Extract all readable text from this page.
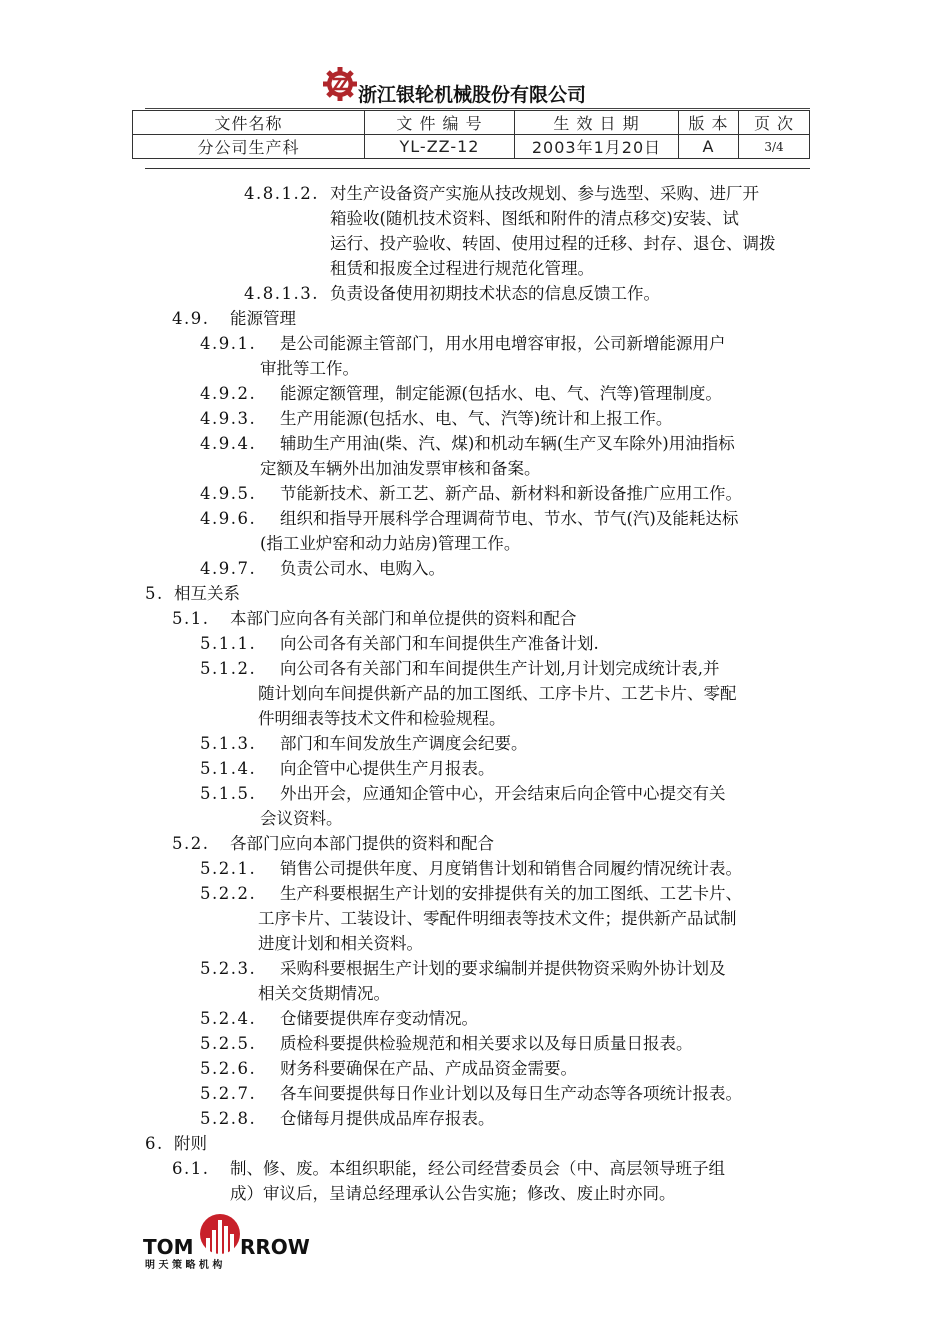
浙江银轮机械股份有限公司
文件名称	文 件 编 号	生 效 日 期	版 本	页 次
分公司生产科	YL-ZZ-12	2003年1月20日	A	3/4
4.8.1.2. 对生产设备资产实施从技改规划、参与选型、采购、进厂开
箱验收(随机技术资料、图纸和附件的清点移交)安装、试
运行、投产验收、转固、使用过程的迁移、封存、退仓、调拨
租赁和报废全过程进行规范化管理。
4.8.1.3. 负责设备使用初期技术状态的信息反馈工作。
4.9. 能源管理
4.9.1. 是公司能源主管部门，用水用电增容审报，公司新增能源用户
审批等工作。
4.9.2. 能源定额管理，制定能源(包括水、电、气、汽等)管理制度。
4.9.3. 生产用能源(包括水、电、气、汽等)统计和上报工作。
4.9.4. 辅助生产用油(柴、汽、煤)和机动车辆(生产叉车除外)用油指标
定额及车辆外出加油发票审核和备案。
4.9.5. 节能新技术、新工艺、新产品、新材料和新设备推广应用工作。
4.9.6. 组织和指导开展科学合理调荷节电、节水、节气(汽)及能耗达标
(指工业炉窑和动力站房)管理工作。
4.9.7. 负责公司水、电购入。
5. 相互关系
5.1. 本部门应向各有关部门和单位提供的资料和配合
5.1.1. 向公司各有关部门和车间提供生产准备计划.
5.1.2. 向公司各有关部门和车间提供生产计划,月计划完成统计表,并
随计划向车间提供新产品的加工图纸、工序卡片、工艺卡片、零配
件明细表等技术文件和检验规程。
5.1.3. 部门和车间发放生产调度会纪要。
5.1.4. 向企管中心提供生产月报表。
5.1.5. 外出开会，应通知企管中心，开会结束后向企管中心提交有关
会议资料。
5.2. 各部门应向本部门提供的资料和配合
5.2.1. 销售公司提供年度、月度销售计划和销售合同履约情况统计表。
5.2.2. 生产科要根据生产计划的安排提供有关的加工图纸、工艺卡片、
工序卡片、工装设计、零配件明细表等技术文件；提供新产品试制
进度计划和相关资料。
5.2.3. 采购科要根据生产计划的要求编制并提供物资采购外协计划及
相关交货期情况。
5.2.4. 仓储要提供库存变动情况。
5.2.5. 质检科要提供检验规范和相关要求以及每日质量日报表。
5.2.6. 财务科要确保在产品、产成品资金需要。
5.2.7. 各车间要提供每日作业计划以及每日生产动态等各项统计报表。
5.2.8. 仓储每月提供成品库存报表。
6. 附则
6.1. 制、修、废。本组织职能，经公司经营委员会（中、高层领导班子组
成）审议后，呈请总经理承认公告实施；修改、废止时亦同。
TOM RROW
明 天 策 略 机 构
